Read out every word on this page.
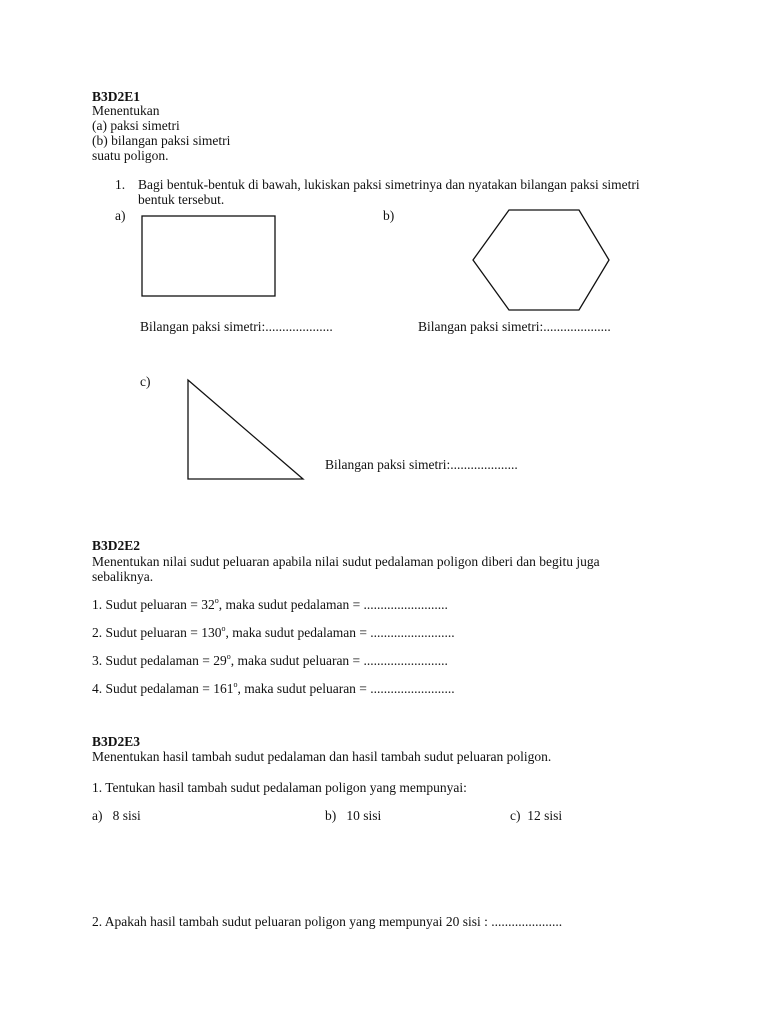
B3D2E1
Menentukan
(a) paksi simetri
(b) bilangan paksi simetri
suatu poligon.
1. Bagi bentuk-bentuk di bawah, lukiskan paksi simetrinya dan nyatakan bilangan paksi simetri
bentuk tersebut.
a)	b)
c)
Bilangan paksi simetri:....................	Bilangan paksi simetri:....................
Bilangan paksi simetri:....................
B3D2E2
Menentukan nilai sudut peluaran apabila nilai sudut pedalaman poligon diberi dan begitu juga
sebaliknya.
1. Sudut peluaran = $32^o$, maka sudut pedalaman = .........................
2. Sudut peluaran = $130^o$, maka sudut pedalaman = .........................
3. Sudut pedalaman = $29^o$, maka sudut peluaran = .........................
4. Sudut pedalaman = $161^o$, maka sudut peluaran = .........................
B3D2E3
Menentukan hasil tambah sudut pedalaman dan hasil tambah sudut peluaran poligon.
1. Tentukan hasil tambah sudut pedalaman poligon yang mempunyai:
a)   8 sisi	b)   10 sisi	c)  12 sisi
2. Apakah hasil tambah sudut peluaran poligon yang mempunyai 20 sisi : .....................
